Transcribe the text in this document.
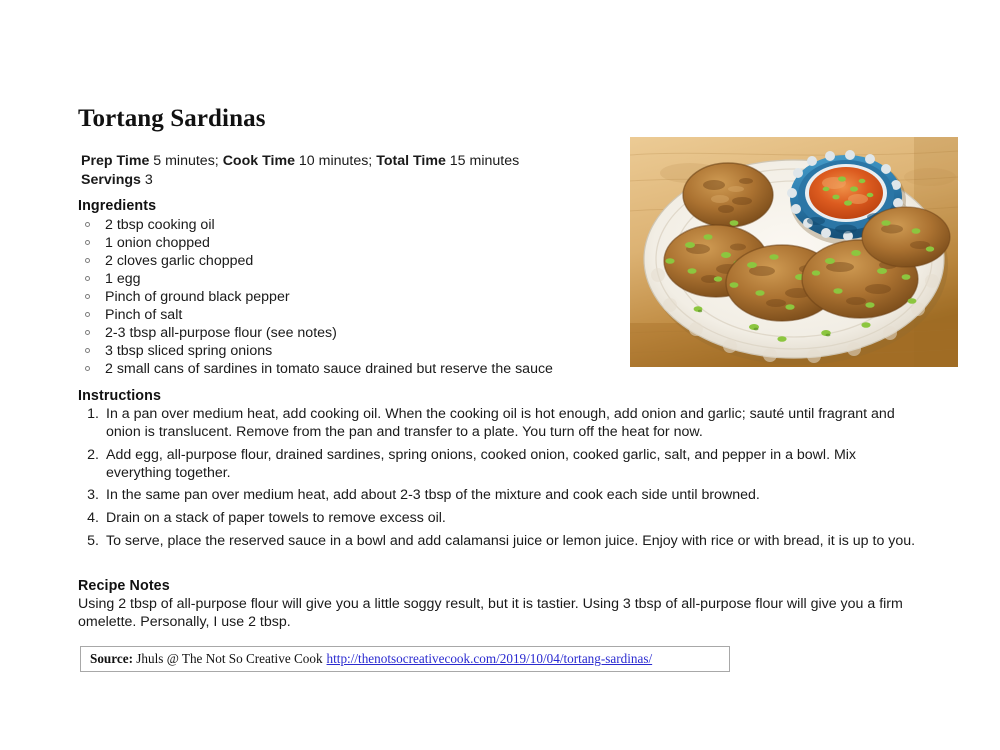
Tortang Sardinas
Prep Time 5 minutes; Cook Time 10 minutes; Total Time 15 minutes
Servings 3
Ingredients
2 tbsp cooking oil
1 onion chopped
2 cloves garlic chopped
1 egg
Pinch of ground black pepper
Pinch of salt
2-3 tbsp all-purpose flour (see notes)
3 tbsp sliced spring onions
2 small cans of sardines in tomato sauce drained but reserve the sauce
Instructions
1. In a pan over medium heat, add cooking oil. When the cooking oil is hot enough, add onion and garlic; sauté until fragrant and onion is translucent. Remove from the pan and transfer to a plate. You turn off the heat for now.
2. Add egg, all-purpose flour, drained sardines, spring onions, cooked onion, cooked garlic, salt, and pepper in a bowl. Mix everything together.
3. In the same pan over medium heat, add about 2-3 tbsp of the mixture and cook each side until browned.
4. Drain on a stack of paper towels to remove excess oil.
5. To serve, place the reserved sauce in a bowl and add calamansi juice or lemon juice. Enjoy with rice or with bread, it is up to you.
Recipe Notes
Using 2 tbsp of all-purpose flour will give you a little soggy result, but it is tastier. Using 3 tbsp of all-purpose flour will give you a firm omelette. Personally, I use 2 tbsp.
Source: Jhuls @ The Not So Creative Cook http://thenotsocreativecook.com/2019/10/04/tortang-sardinas/
